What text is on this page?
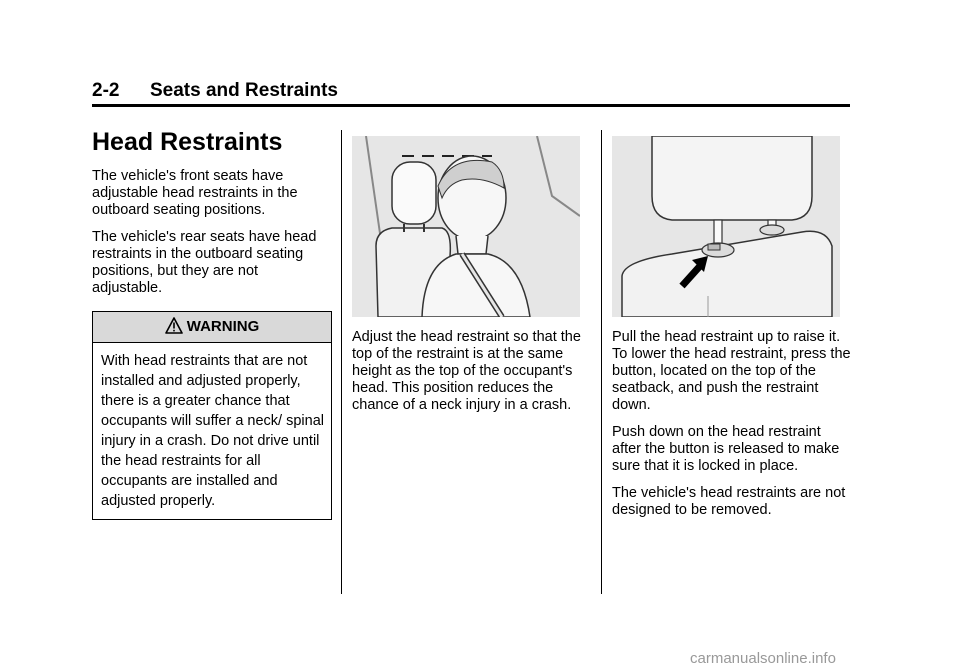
2-2 Seats and Restraints
Head Restraints

The vehicle's front seats have adjustable head restraints in the outboard seating positions.

The vehicle's rear seats have head restraints in the outboard seating positions, but they are not adjustable.

WARNING
With head restraints that are not installed and adjusted properly, there is a greater chance that occupants will suffer a neck/ spinal injury in a crash. Do not drive until the head restraints for all occupants are installed and adjusted properly.

Adjust the head restraint so that the top of the restraint is at the same height as the top of the occupant's head. This position reduces the chance of a neck injury in a crash.

Pull the head restraint up to raise it. To lower the head restraint, press the button, located on the top of the seatback, and push the restraint down.

Push down on the head restraint after the button is released to make sure that it is locked in place.

The vehicle's head restraints are not designed to be removed.

carmanualsonline.info
